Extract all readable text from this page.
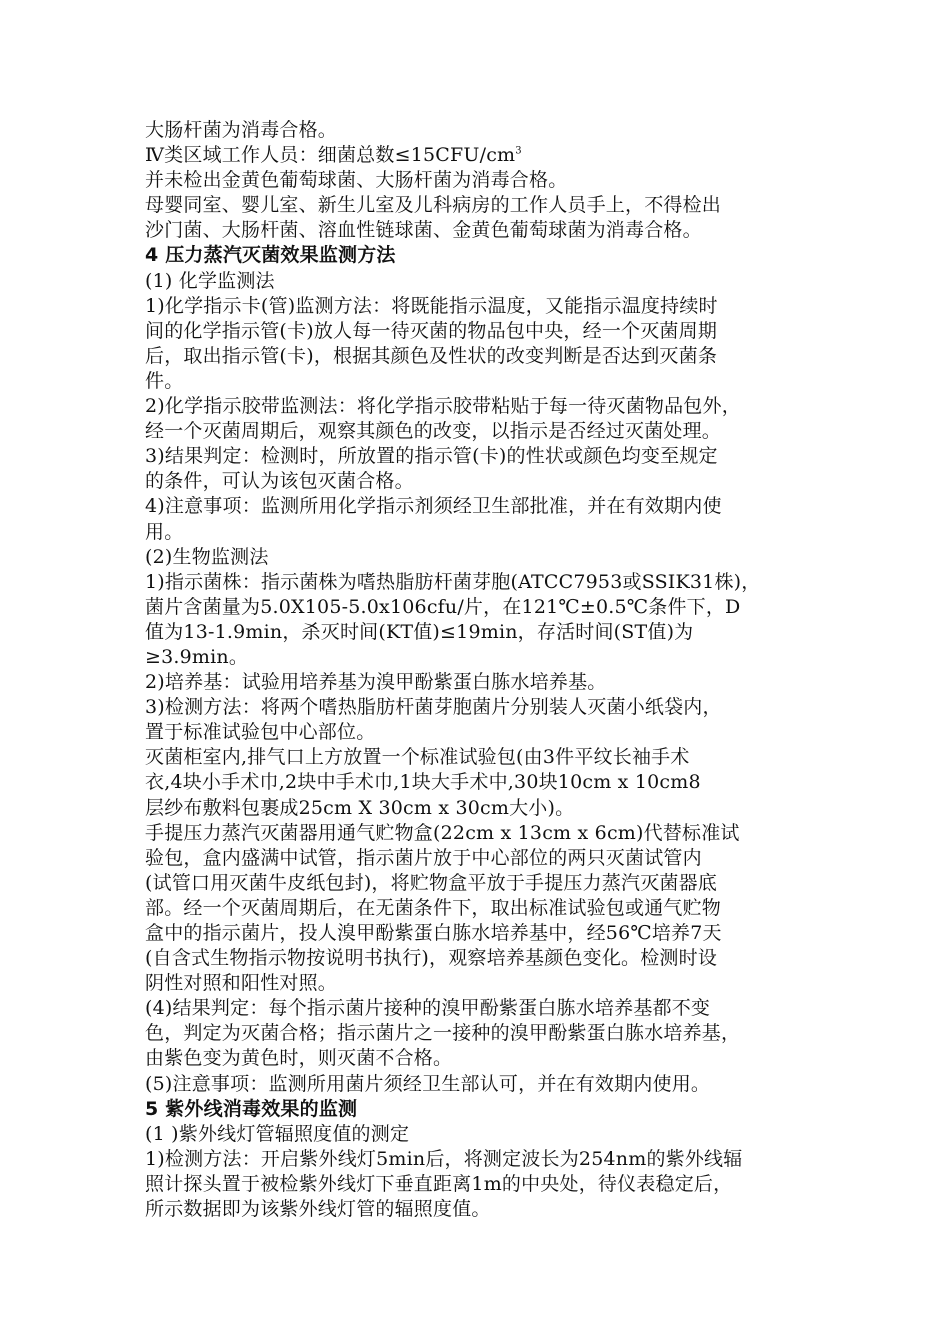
大肠杆菌为消毒合格。
Ⅳ类区域工作人员：细菌总数$\le 15CFU/cm^3$
并未检出金黄色葡萄球菌、大肠杆菌为消毒合格。
母婴同室、婴儿室、新生儿室及儿科病房的工作人员手上，不得检出
沙门菌、大肠杆菌、溶血性链球菌、金黄色葡萄球菌为消毒合格。
4 压力蒸汽灭菌效果监测方法
(1) 化学监测法
1)化学指示卡(管)监测方法：将既能指示温度，又能指示温度持续时
间的化学指示管(卡)放人每一待灭菌的物品包中央，经一个灭菌周期
后，取出指示管(卡)，根据其颜色及性状的改变判断是否达到灭菌条
件。
2)化学指示胶带监测法：将化学指示胶带粘贴于每一待灭菌物品包外，
经一个灭菌周期后，观察其颜色的改变，以指示是否经过灭菌处理。
3)结果判定：检测时，所放置的指示管(卡)的性状或颜色均变至规定
的条件，可认为该包灭菌合格。
4)注意事项：监测所用化学指示剂须经卫生部批准，并在有效期内使
用。
(2)生物监测法
1)指示菌株：指示菌株为嗜热脂肪杆菌芽胞(ATCC7953或SSIK31株)，
菌片含菌量为5.0X105-5.0x106cfu/片，在121℃±0.5℃条件下，D
值为13-1.9min，杀灭时间(KT值)≤19min，存活时间(ST值)为
≥3.9min。
2)培养基：试验用培养基为溴甲酚紫蛋白胨水培养基。
3)检测方法：将两个嗜热脂肪杆菌芽胞菌片分别装人灭菌小纸袋内，
置于标准试验包中心部位。
灭菌柜室内,排气口上方放置一个标准试验包(由3件平纹长袖手术
衣,4块小手术巾,2块中手术巾,1块大手术中,30块10cm x 10cm8
层纱布敷料包裹成25cm X 30cm x 30cm大小)。
手提压力蒸汽灭菌器用通气贮物盒(22cm x 13cm x 6cm)代替标准试
验包，盒内盛满中试管，指示菌片放于中心部位的两只灭菌试管内
(试管口用灭菌牛皮纸包封)，将贮物盒平放于手提压力蒸汽灭菌器底
部。经一个灭菌周期后，在无菌条件下，取出标准试验包或通气贮物
盒中的指示菌片，投人溴甲酚紫蛋白胨水培养基中，经56℃培养7天
(自含式生物指示物按说明书执行)，观察培养基颜色变化。检测时设
阴性对照和阳性对照。
(4)结果判定：每个指示菌片接种的溴甲酚紫蛋白胨水培养基都不变
色，判定为灭菌合格；指示菌片之一接种的溴甲酚紫蛋白胨水培养基，
由紫色变为黄色时，则灭菌不合格。
(5)注意事项：监测所用菌片须经卫生部认可，并在有效期内使用。
5 紫外线消毒效果的监测
(1 )紫外线灯管辐照度值的测定
1)检测方法：开启紫外线灯5min后，将测定波长为254nm的紫外线辐
照计探头置于被检紫外线灯下垂直距离1m的中央处，待仪表稳定后，
所示数据即为该紫外线灯管的辐照度值。
